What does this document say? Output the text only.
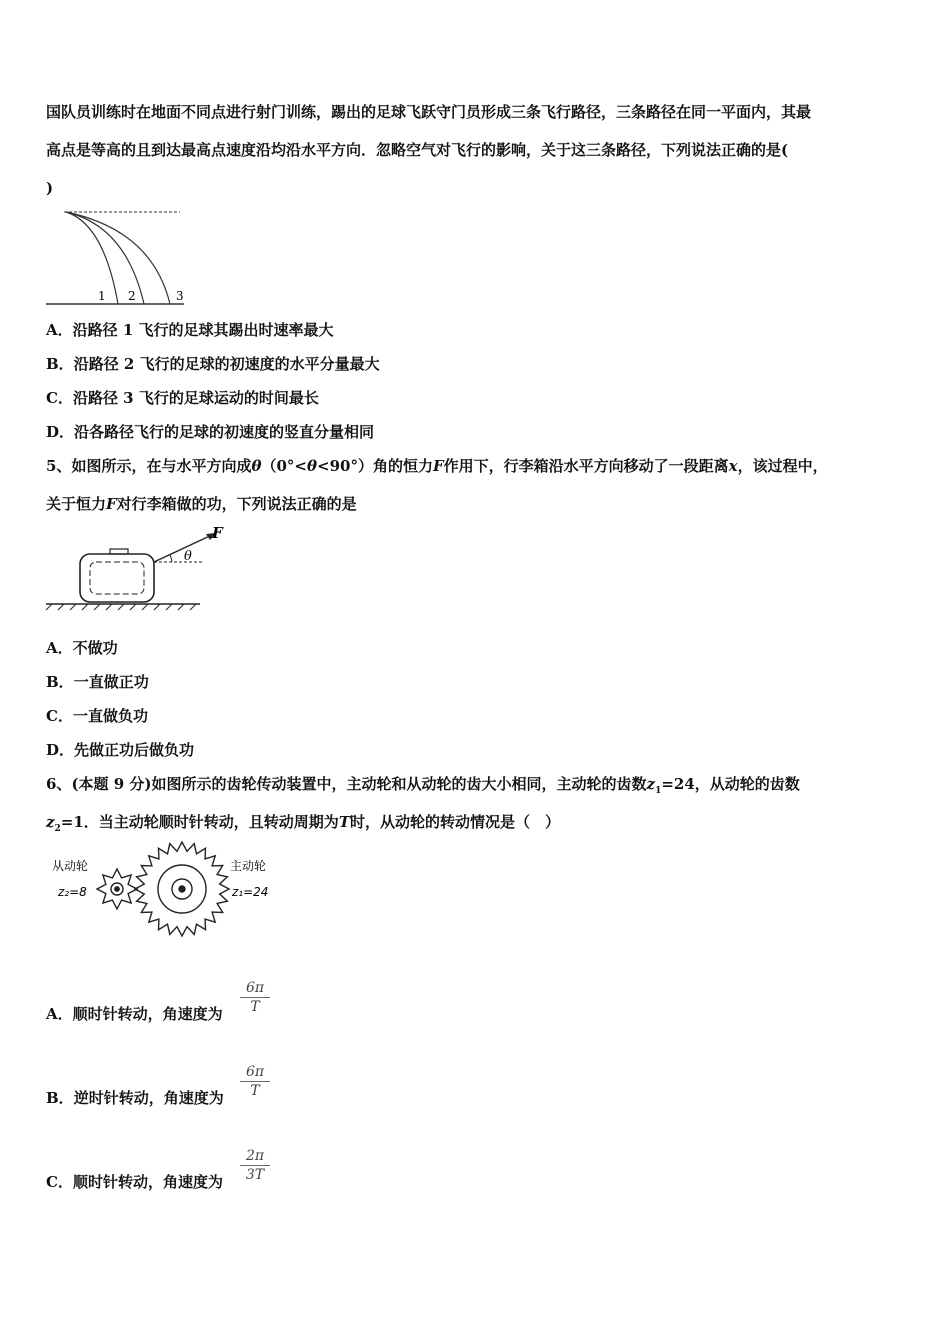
国队员训练时在地面不同点进行射门训练，踢出的足球飞跃守门员形成三条飞行路径，三条路径在同一平面内，其最
高点是等高的且到达最高点速度沿均沿水平方向．忽略空气对飞行的影响，关于这三条路径，下列说法正确的是(
)
1 2	3
A．沿路径 1 飞行的足球其踢出时速率最大
B．沿路径 2 飞行的足球的初速度的水平分量最大
C．沿路径 3 飞行的足球运动的时间最长
D．沿各路径飞行的足球的初速度的竖直分量相同
5、如图所示，在与水平方向成θ（0°<θ<90°）角的恒力F作用下，行李箱沿水平方向移动了一段距离x，该过程中，
关于恒力F对行李箱做的功，下列说法正确的是
F
θ
A．不做功
B．一直做正功
C．一直做负功
D．先做正功后做负功
6、(本题 9 分)如图所示的齿轮传动装置中，主动轮和从动轮的齿大小相同，主动轮的齿数$z_1=24$，从动轮的齿数
$z_2=1$．当主动轮顺时针转动，且转动周期为T时，从动轮的转动情况是（　）
从动轮
z₂=8
主动轮
z₁=24
A．顺时针转动，角速度为 $\frac{6\pi}{T}$
B．逆时针转动，角速度为 $\frac{6\pi}{T}$
C．顺时针转动，角速度为 $\frac{2\pi}{3T}$
